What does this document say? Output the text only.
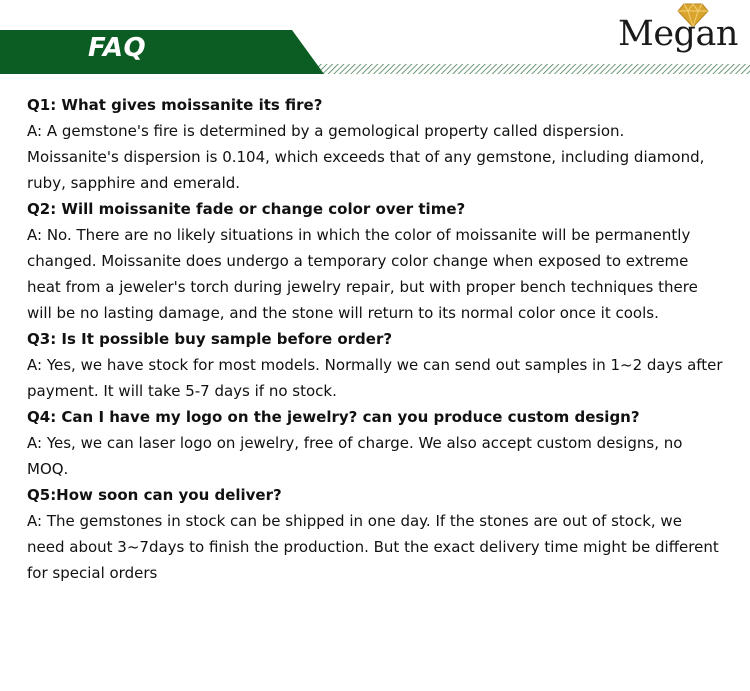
FAQ	Megan
Q1: What gives moissanite its fire?
A: A gemstone's fire is determined by a gemological property called dispersion.
Moissanite's dispersion is 0.104, which exceeds that of any gemstone, including diamond,
ruby, sapphire and emerald.
Q2: Will moissanite fade or change color over time?
A: No. There are no likely situations in which the color of moissanite will be permanently
changed. Moissanite does undergo a temporary color change when exposed to extreme
heat from a jeweler's torch during jewelry repair, but with proper bench techniques there
will be no lasting damage, and the stone will return to its normal color once it cools.
Q3: Is It possible buy sample before order?
A: Yes, we have stock for most models. Normally we can send out samples in 1~2 days after
payment. It will take 5-7 days if no stock.
Q4: Can I have my logo on the jewelry? can you produce custom design?
A: Yes, we can laser logo on jewelry, free of charge. We also accept custom designs, no
MOQ.
Q5:How soon can you deliver?
A: The gemstones in stock can be shipped in one day. If the stones are out of stock, we
need about 3~7days to finish the production. But the exact delivery time might be different
for special orders
